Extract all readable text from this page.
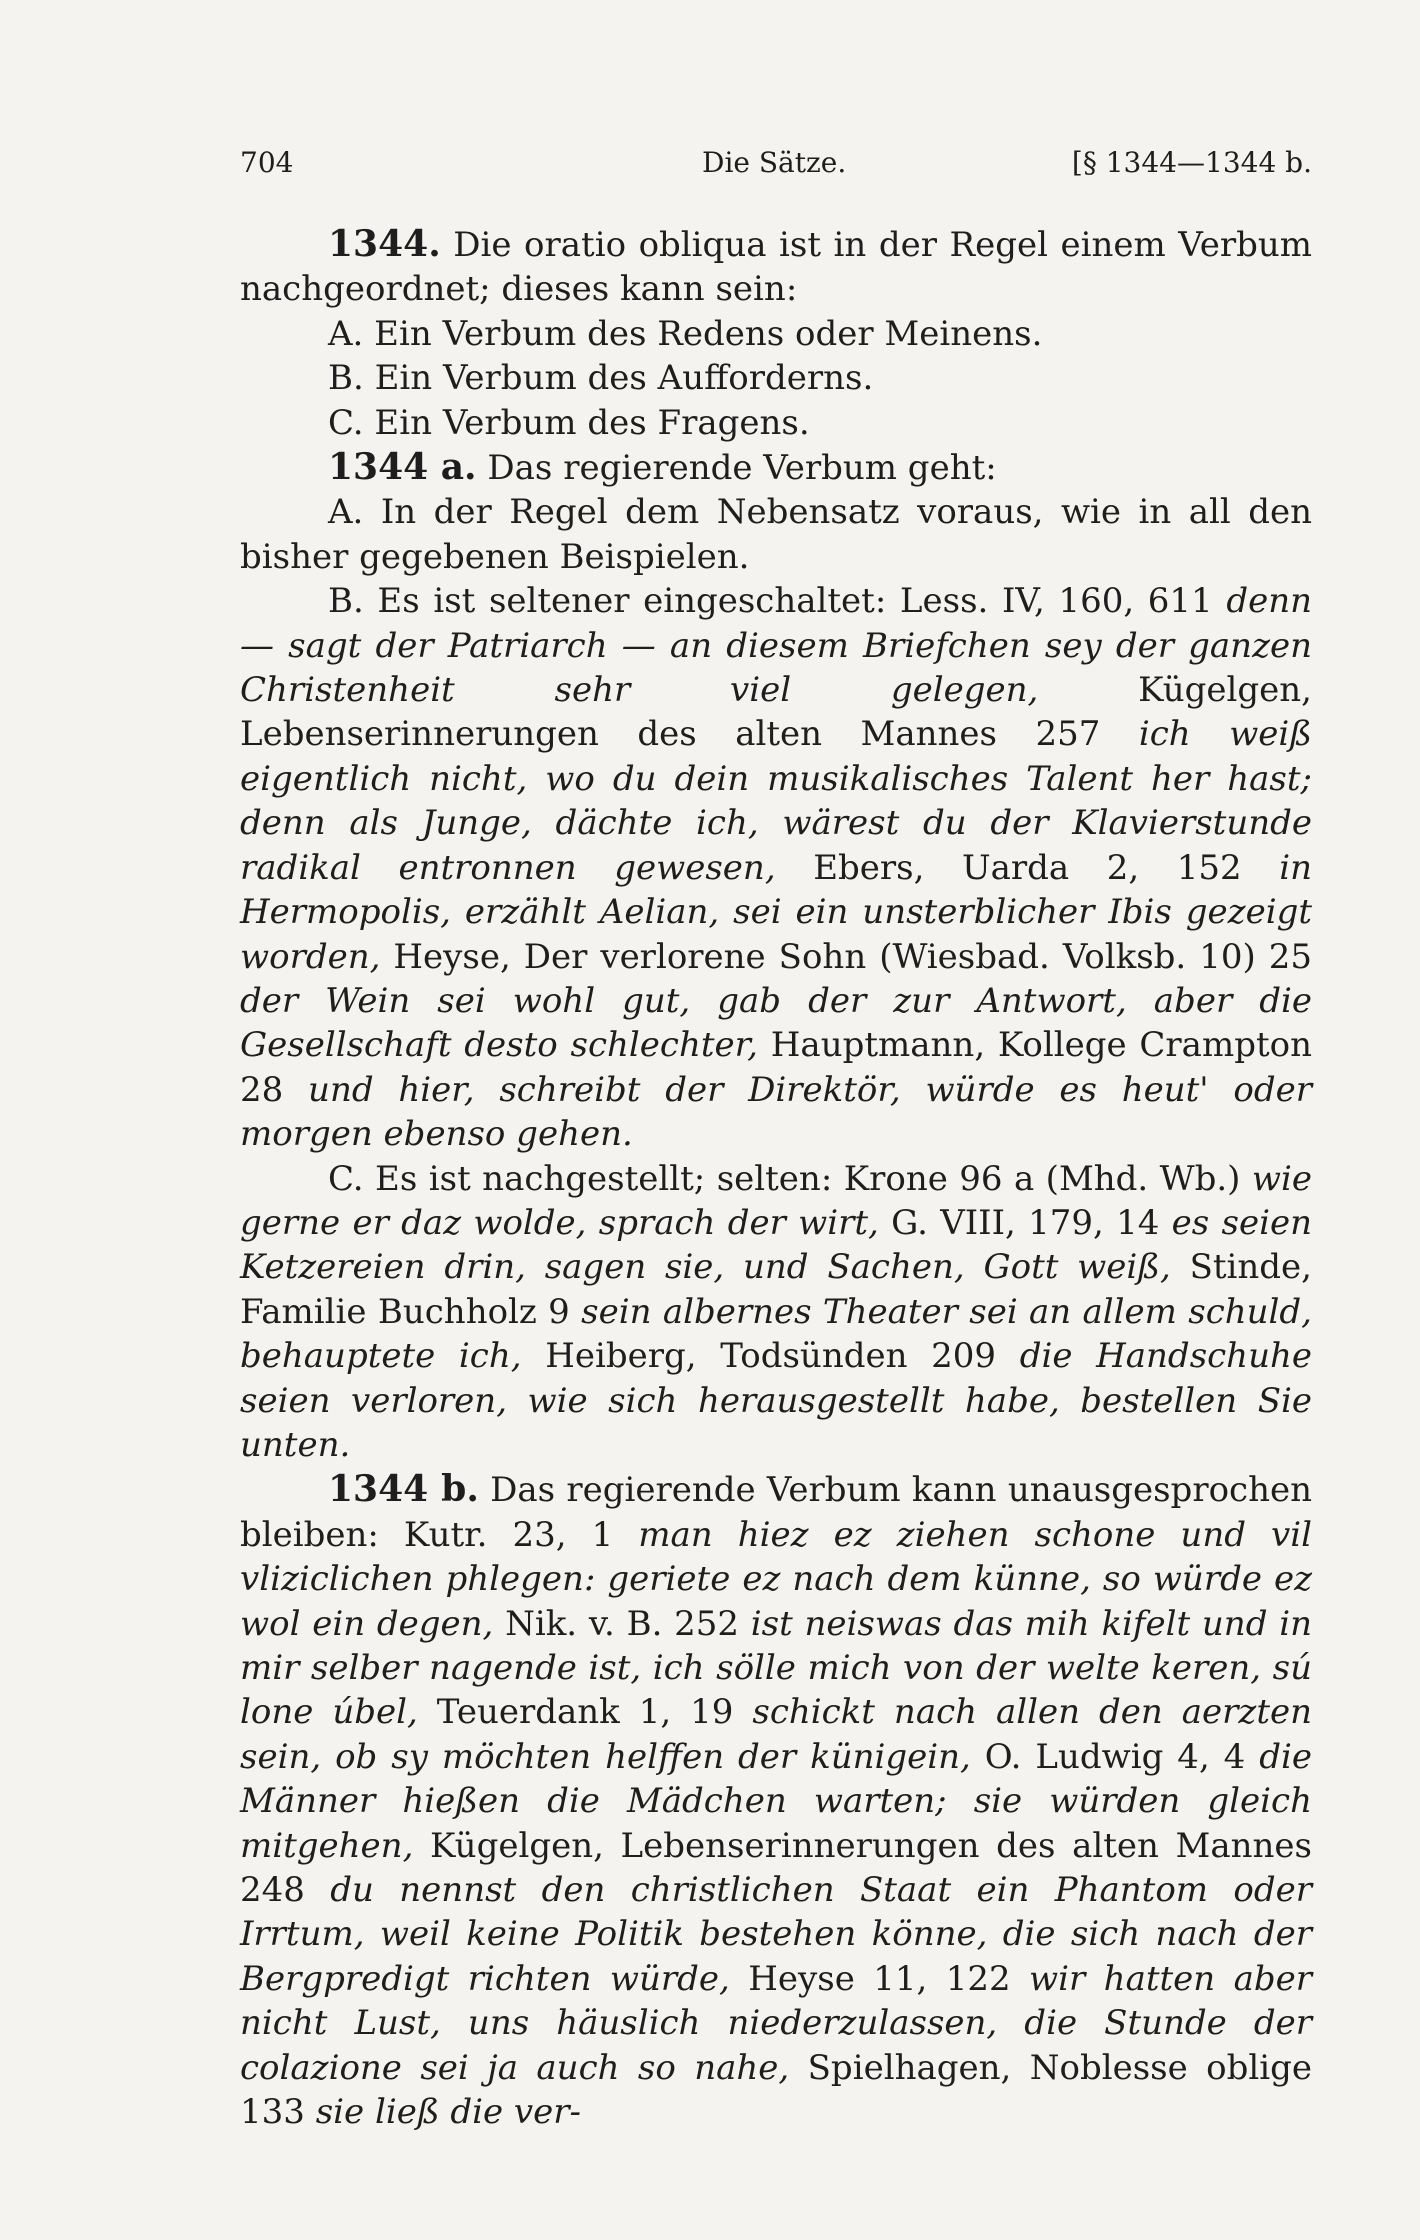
704	Die Sätze.	[§ 1344—1344 b.

1344. Die oratio obliqua ist in der Regel einem Verbum nachgeordnet; dieses kann sein:

A. Ein Verbum des Redens oder Meinens.

B. Ein Verbum des Aufforderns.

C. Ein Verbum des Fragens.

1344 a. Das regierende Verbum geht:

A. In der Regel dem Nebensatz voraus, wie in all den bisher gegebenen Beispielen.

B. Es ist seltener eingeschaltet: Less. IV, 160, 611 denn — sagt der Patriarch — an diesem Briefchen sey der ganzen Christenheit sehr viel gelegen, Kügelgen, Lebenserinnerungen des alten Mannes 257 ich weiß eigentlich nicht, wo du dein musikalisches Talent her hast; denn als Junge, dächte ich, wärest du der Klavierstunde radikal entronnen gewesen, Ebers, Uarda 2, 152 in Hermopolis, erzählt Aelian, sei ein unsterblicher Ibis gezeigt worden, Heyse, Der verlorene Sohn (Wiesbad. Volksb. 10) 25 der Wein sei wohl gut, gab der zur Antwort, aber die Gesellschaft desto schlechter, Hauptmann, Kollege Crampton 28 und hier, schreibt der Direktör, würde es heut' oder morgen ebenso gehen.

C. Es ist nachgestellt; selten: Krone 96 a (Mhd. Wb.) wie gerne er daz wolde, sprach der wirt, G. VIII, 179, 14 es seien Ketzereien drin, sagen sie, und Sachen, Gott weiß, Stinde, Familie Buchholz 9 sein albernes Theater sei an allem schuld, behauptete ich, Heiberg, Todsünden 209 die Handschuhe seien verloren, wie sich herausgestellt habe, bestellen Sie unten.

1344 b. Das regierende Verbum kann unausgesprochen bleiben: Kutr. 23, 1 man hiez ez ziehen schone und vil vliziclichen phlegen: geriete ez nach dem künne, so würde ez wol ein degen, Nik. v. B. 252 ist neiswas das mih kifelt und in mir selber nagende ist, ich sölle mich von der welte keren, sú lone úbel, Teuerdank 1, 19 schickt nach allen den aerzten sein, ob sy möchten helffen der künigein, O. Ludwig 4, 4 die Männer hießen die Mädchen warten; sie würden gleich mitgehen, Kügelgen, Lebenserinnerungen des alten Mannes 248 du nennst den christlichen Staat ein Phantom oder Irrtum, weil keine Politik bestehen könne, die sich nach der Bergpredigt richten würde, Heyse 11, 122 wir hatten aber nicht Lust, uns häuslich niederzulassen, die Stunde der colazione sei ja auch so nahe, Spielhagen, Noblesse oblige 133 sie ließ die ver-
